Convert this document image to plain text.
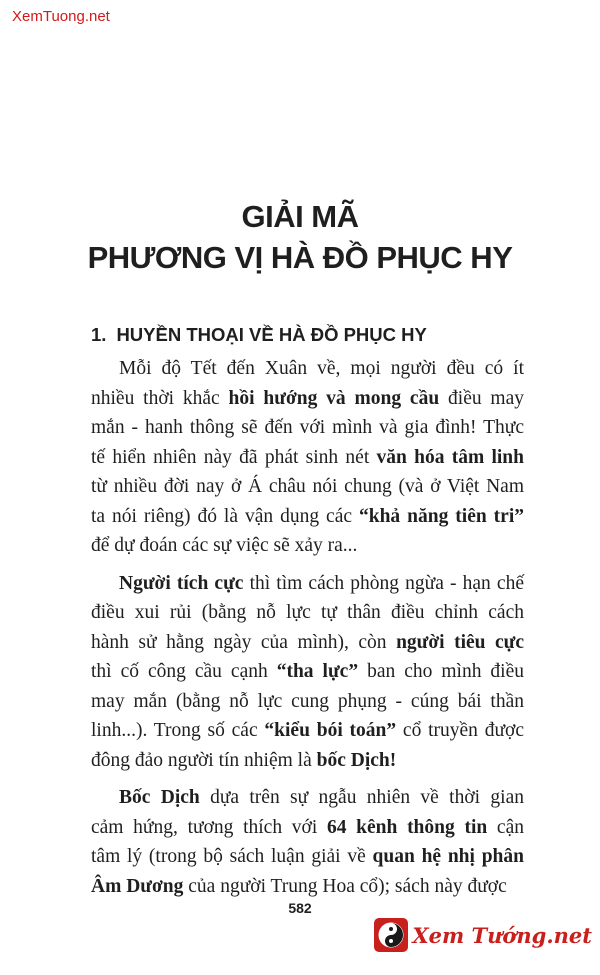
XemTuong.net
GIẢI MÃ
PHƯƠNG VỊ HÀ ĐỒ PHỤC HY
1. HUYỀN THOẠI VỀ HÀ ĐỒ PHỤC HY
Mỗi độ Tết đến Xuân về, mọi người đều có ít
nhiều thời khắc hồi hướng và mong cầu điều may
mắn - hanh thông sẽ đến với mình và gia đình! Thực
tế hiển nhiên này đã phát sinh nét văn hóa tâm linh
từ nhiều đời nay ở Á châu nói chung (và ở Việt Nam
ta nói riêng) đó là vận dụng các “khả năng tiên tri”
để dự đoán các sự việc sẽ xảy ra...
Người tích cực thì tìm cách phòng ngừa - hạn chế
điều xui rủi (bằng nỗ lực tự thân điều chỉnh cách
hành sử hằng ngày của mình), còn người tiêu cực
thì cố công cầu cạnh “tha lực” ban cho mình điều
may mắn (bằng nỗ lực cung phụng - cúng bái thần
linh...). Trong số các “kiểu bói toán” cổ truyền được
đông đảo người tín nhiệm là bốc Dịch!
Bốc Dịch dựa trên sự ngẫu nhiên về thời gian
cảm hứng, tương thích với 64 kênh thông tin cận
tâm lý (trong bộ sách luận giải về quan hệ nhị phân
Âm Dương của người Trung Hoa cổ); sách này được
582
Xem Tướng.net
